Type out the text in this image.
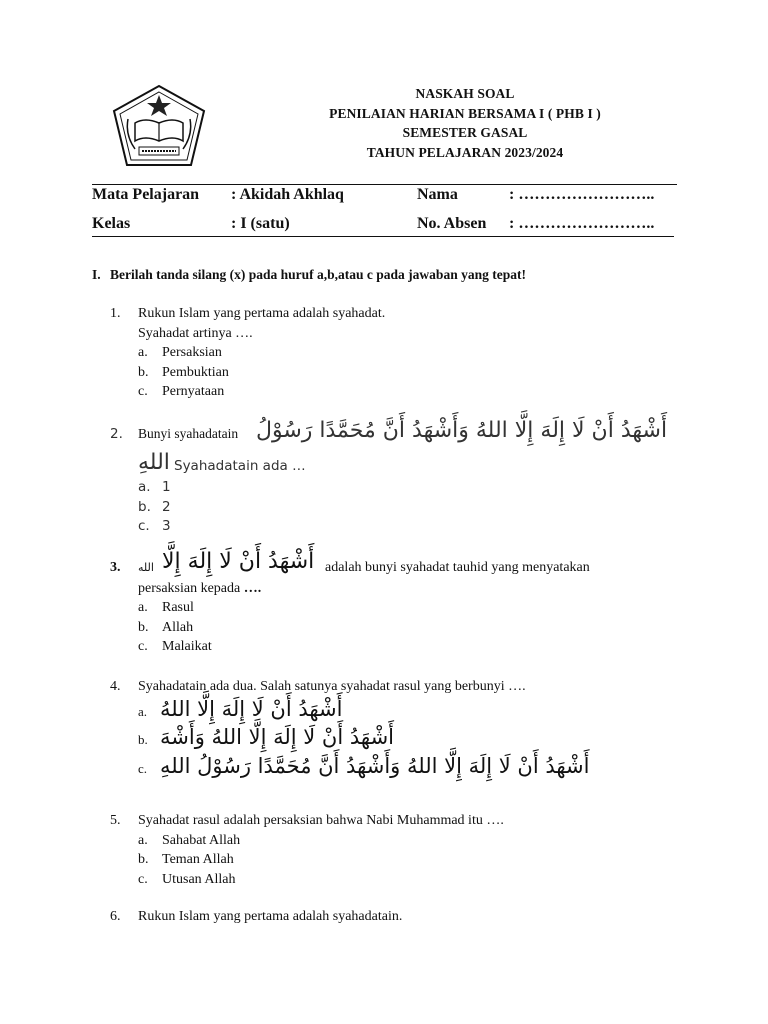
NASKAH SOAL
PENILAIAN HARIAN BERSAMA I ( PHB I )
SEMESTER GASAL
TAHUN PELAJARAN 2023/2024
Mata Pelajaran : Akidah Akhlaq	Nama	: ……………………..
Kelas	: I (satu)	No. Absen : ……………………..
I. Berilah tanda silang (x) pada huruf a,b,atau c pada jawaban yang tepat!
1.	Rukun Islam yang pertama adalah syahadat.
Syahadat artinya ….
a.	Persaksian
b. Pembuktian
c.	Pernyataan
2.	Bunyi syahadatain أَشْهَدُ أَنْ لَا إِلَهَ إِلَّا اللهُ وَأَشْهَدُ أَنَّ مُحَمَّدًا رَسُوْلُ
اللهِ Syahadatain ada …
a. 1
b. 2
c. 3
3.	الله أَشْهَدُ أَنْ لَا إِلَهَ إِلَّا adalah bunyi syahadat tauhid yang menyatakan
persaksian kepada ….
a.	Rasul
b. Allah
c.	Malaikat
4.	Syahadatain ada dua. Salah satunya syahadat rasul yang berbunyi ….
a. أَشْهَدُ أَنْ لَا إِلَهَ إِلَّا اللهُ
b. أَشْهَدُ أَنْ لَا إِلَهَ إِلَّا اللهُ وَأَشْهَ
c. أَشْهَدُ أَنْ لَا إِلَهَ إِلَّا اللهُ وَأَشْهَدُ أَنَّ مُحَمَّدًا رَسُوْلُ اللهِ
5.	Syahadat rasul adalah persaksian bahwa Nabi Muhammad itu ….
a.	Sahabat Allah
b. Teman Allah
c.	Utusan Allah
6.	Rukun Islam yang pertama adalah syahadatain.
